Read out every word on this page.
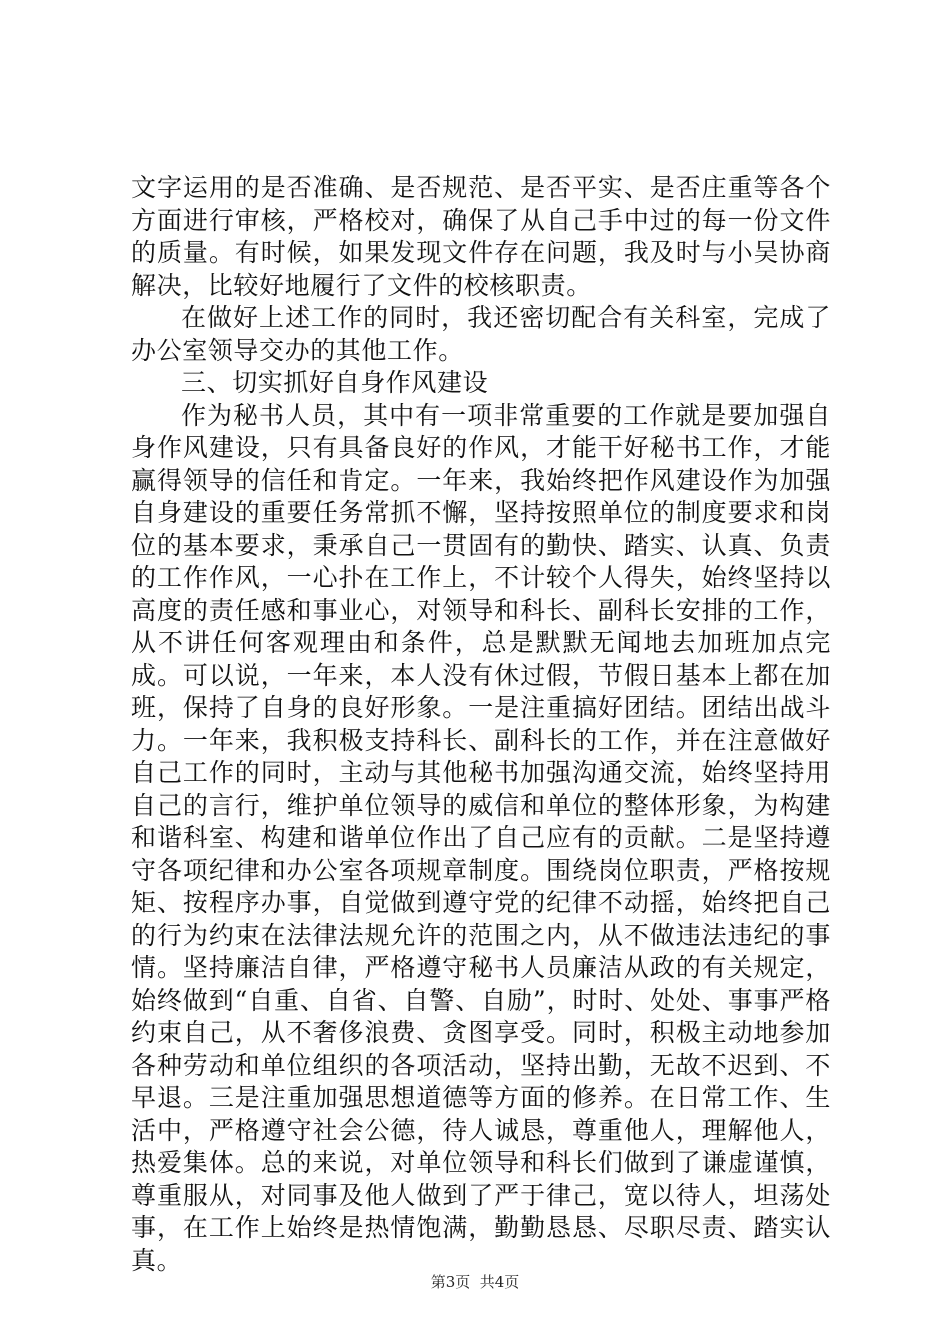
文字运用的是否准确、是否规范、是否平实、是否庄重等各个方面进行审核，严格校对，确保了从自己手中过的每一份文件的质量。有时候，如果发现文件存在问题，我及时与小吴协商解决，比较好地履行了文件的校核职责。

在做好上述工作的同时，我还密切配合有关科室，完成了办公室领导交办的其他工作。

三、切实抓好自身作风建设

作为秘书人员，其中有一项非常重要的工作就是要加强自身作风建设，只有具备良好的作风，才能干好秘书工作，才能赢得领导的信任和肯定。一年来，我始终把作风建设作为加强自身建设的重要任务常抓不懈，坚持按照单位的制度要求和岗位的基本要求，秉承自己一贯固有的勤快、踏实、认真、负责的工作作风，一心扑在工作上，不计较个人得失，始终坚持以高度的责任感和事业心，对领导和科长、副科长安排的工作，从不讲任何客观理由和条件，总是默默无闻地去加班加点完成。可以说，一年来，本人没有休过假，节假日基本上都在加班，保持了自身的良好形象。一是注重搞好团结。团结出战斗力。一年来，我积极支持科长、副科长的工作，并在注意做好自己工作的同时，主动与其他秘书加强沟通交流，始终坚持用自己的言行，维护单位领导的威信和单位的整体形象，为构建和谐科室、构建和谐单位作出了自己应有的贡献。二是坚持遵守各项纪律和办公室各项规章制度。围绕岗位职责，严格按规矩、按程序办事，自觉做到遵守党的纪律不动摇，始终把自己的行为约束在法律法规允许的范围之内，从不做违法违纪的事情。坚持廉洁自律，严格遵守秘书人员廉洁从政的有关规定，始终做到“自重、自省、自警、自励”，时时、处处、事事严格约束自己，从不奢侈浪费、贪图享受。同时，积极主动地参加各种劳动和单位组织的各项活动，坚持出勤，无故不迟到、不早退。三是注重加强思想道德等方面的修养。在日常工作、生活中，严格遵守社会公德，待人诚恳，尊重他人，理解他人，热爱集体。总的来说，对单位领导和科长们做到了谦虚谨慎，尊重服从，对同事及他人做到了严于律己，宽以待人，坦荡处事，在工作上始终是热情饱满，勤勤恳恳、尽职尽责、踏实认真。

第3页  共4页
